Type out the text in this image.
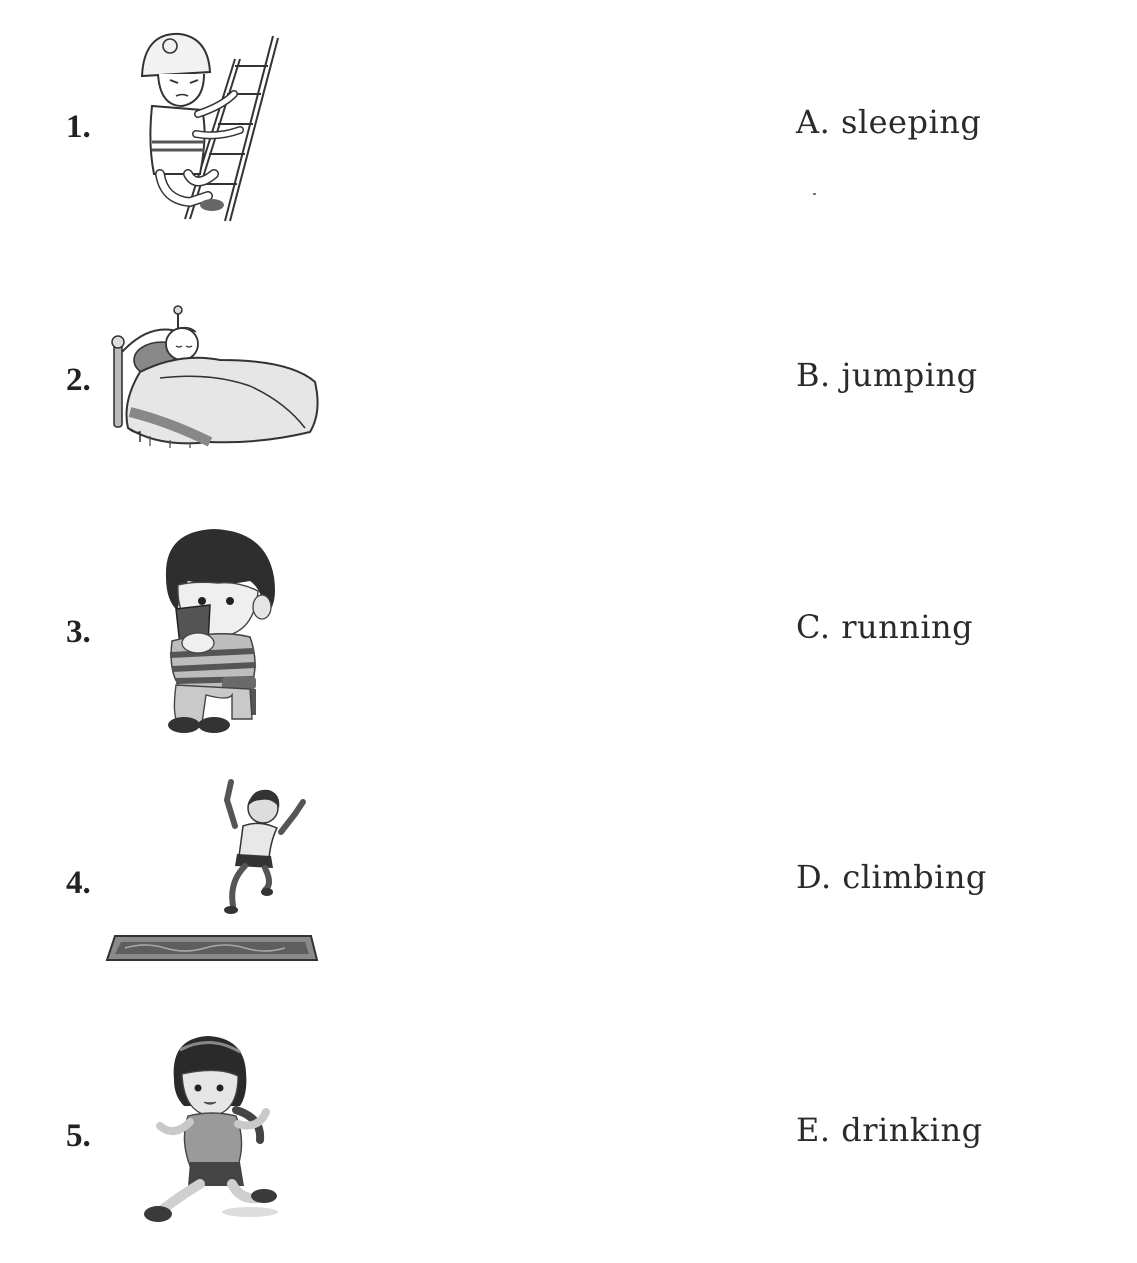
1.
2.
3.
4.
5.
A. sleeping
B. jumping
C. running
D. climbing
E. drinking
